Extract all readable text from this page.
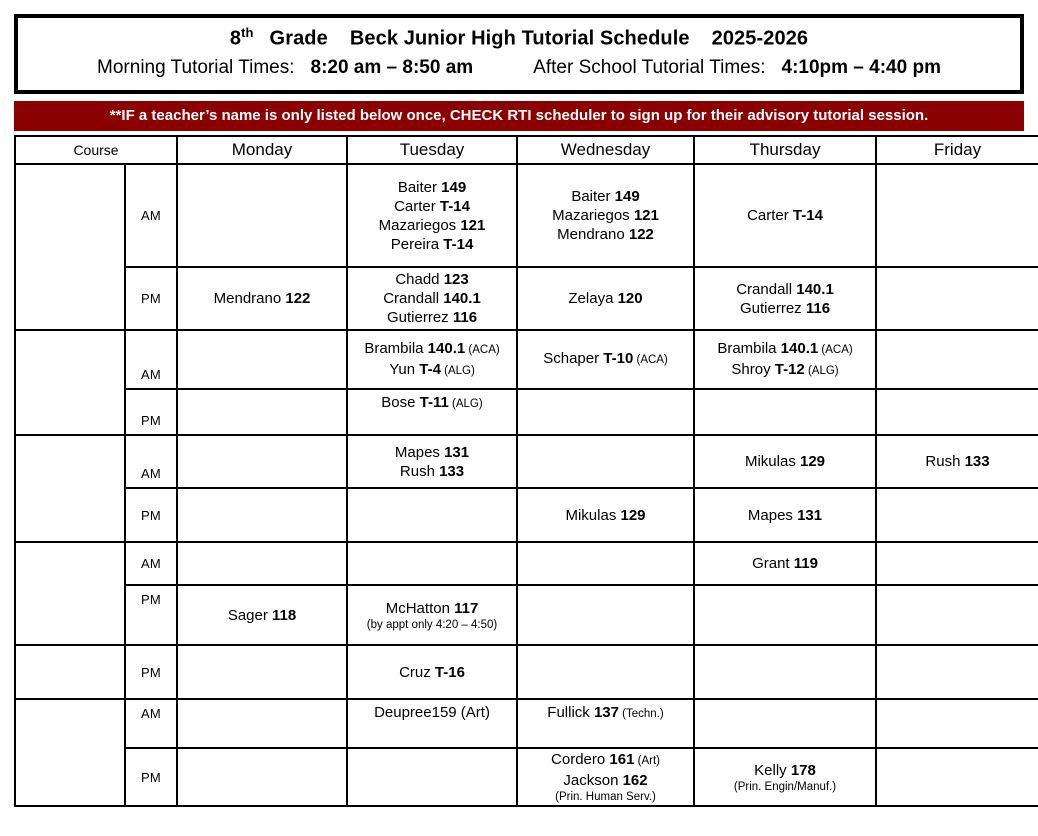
8th Grade Beck Junior High Tutorial Schedule 2025-2026
Morning Tutorial Times: 8:20 am – 8:50 am	After School Tutorial Times: 4:10pm – 4:40 pm
**IF a teacher’s name is only listed below once, CHECK RTI scheduler to sign up for their advisory tutorial session.
Course		Monday	Tuesday	Wednesday	Thursday	Friday
RLA
(Reading
Language Arts)	AM		Baiter 149
Carter T-14
Mazariegos 121
Pereira T-14	Baiter 149
Mazariegos 121
Mendrano 122	Carter T-14	

	PM	Mendrano 122	Chadd 123
Crandall 140.1
Gutierrez 116	Zelaya 120	Crandall 140.1
Gutierrez 116	

Math	AM		Brambila 140.1 (ACA)
Yun T-4 (ALG)	Schaper T-10 (ACA)	Brambila 140.1 (ACA)
Shroy T-12 (ALG)	

	PM		Bose T-11 (ALG)			

Science	AM		Mapes 131
Rush 133		Mikulas 129	Rush 133

	PM			Mikulas 129	Mapes 131	

U.S. History	AM				Grant 119	

	PM	Sager 118	McHatton 117
(by appt only 4:20 – 4:50)			

Spanish	PM		Cruz T-16			

Fine Arts Electives	AM		Deupree159 (Art)	Fullick 137 (Techn.)		

	PM			Cordero 161 (Art)
Jackson 162
(Prin. Human Serv.)	Kelly 178
(Prin. Engin/Manuf.)	
